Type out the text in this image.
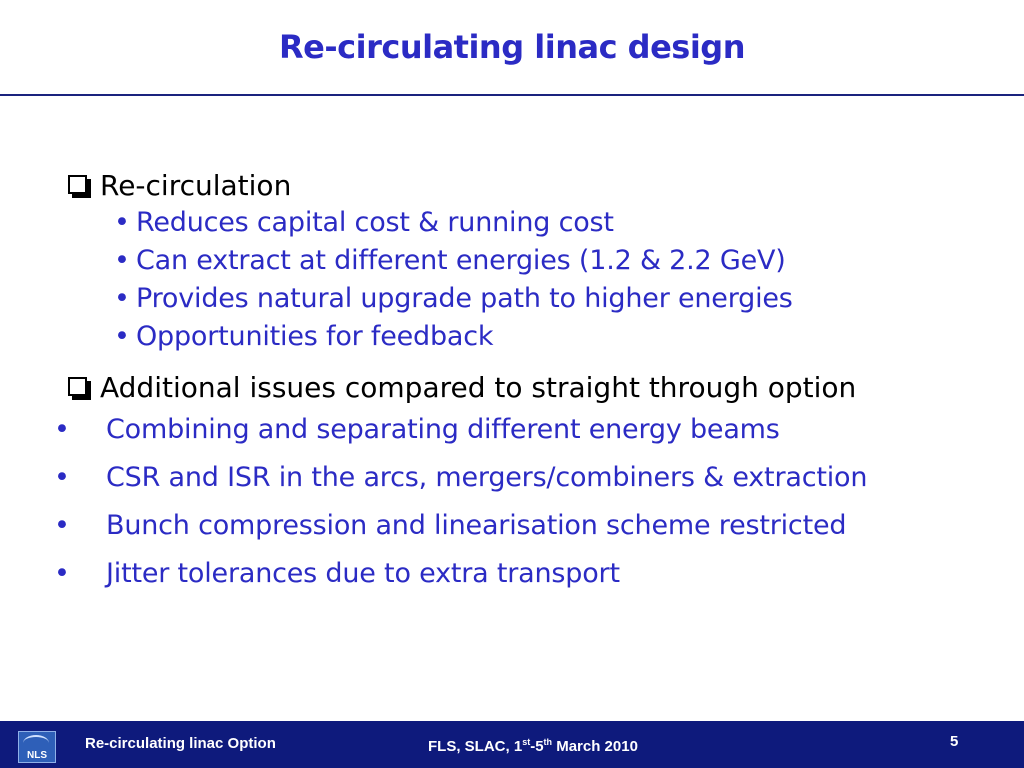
Re-circulating linac design
Re-circulation
• Reduces capital cost & running cost
• Can extract at different energies (1.2 & 2.2 GeV)
• Provides natural upgrade path to higher energies
• Opportunities for feedback
Additional issues compared to straight through option
• Combining and separating different energy beams
• CSR and ISR in the arcs, mergers/combiners & extraction
• Bunch compression and linearisation scheme restricted
• Jitter tolerances due to extra transport
NLS
Re-circulating linac Option	FLS, SLAC, 1st-5th March 2010	5
